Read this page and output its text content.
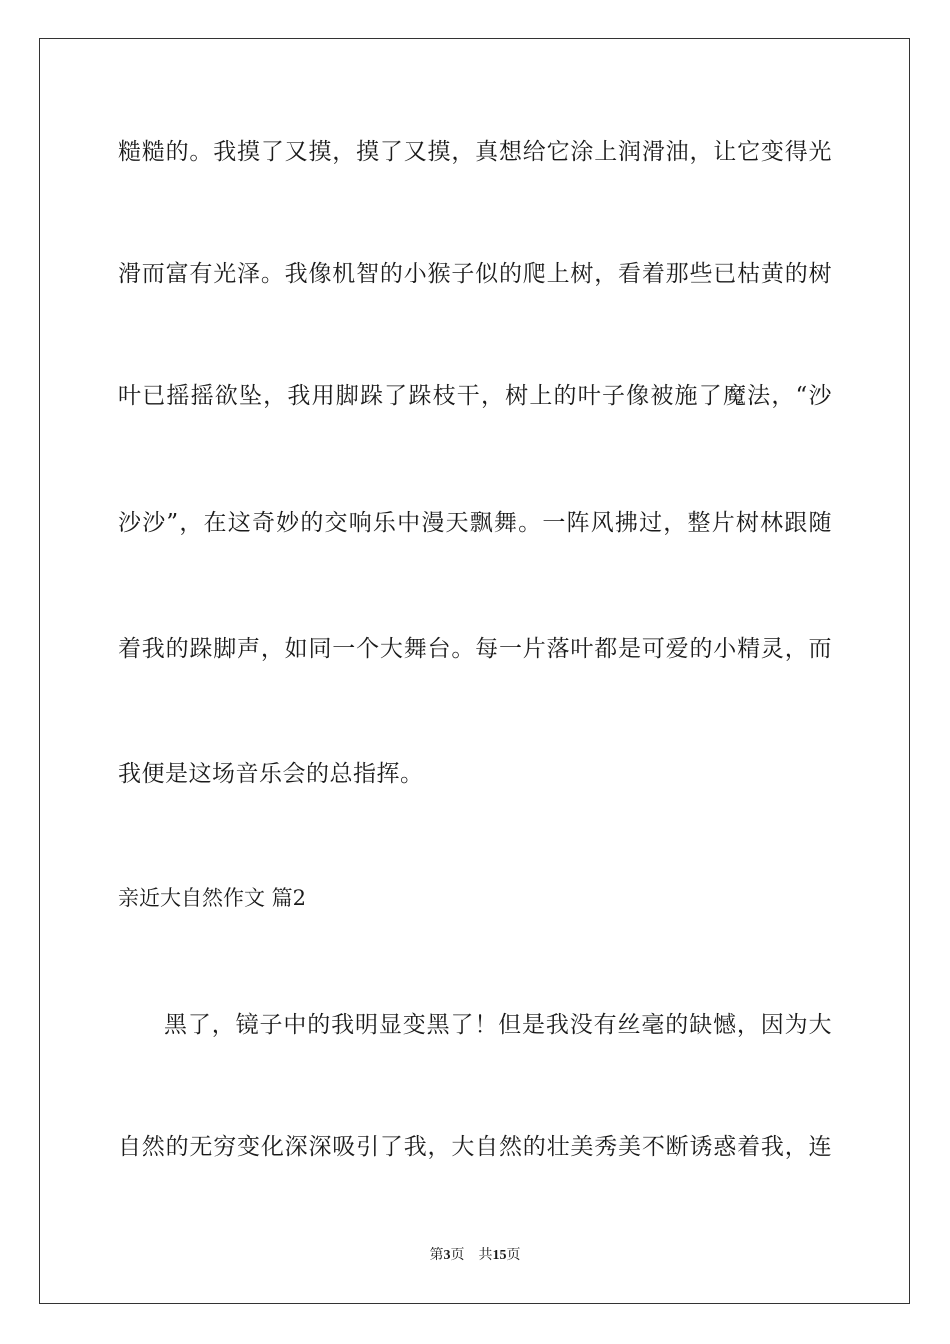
糙糙的。我摸了又摸，摸了又摸，真想给它涂上润滑油，让它变得光
滑而富有光泽。我像机智的小猴子似的爬上树，看着那些已枯黄的树
叶已摇摇欲坠，我用脚跺了跺枝干，树上的叶子像被施了魔法，“沙
沙沙”，在这奇妙的交响乐中漫天飘舞。一阵风拂过，整片树林跟随
着我的跺脚声，如同一个大舞台。每一片落叶都是可爱的小精灵，而
我便是这场音乐会的总指挥。
亲近大自然作文 篇2
黑了，镜子中的我明显变黑了！但是我没有丝毫的缺憾，因为大
自然的无穷变化深深吸引了我，大自然的壮美秀美不断诱惑着我，连
第3页 共15页
